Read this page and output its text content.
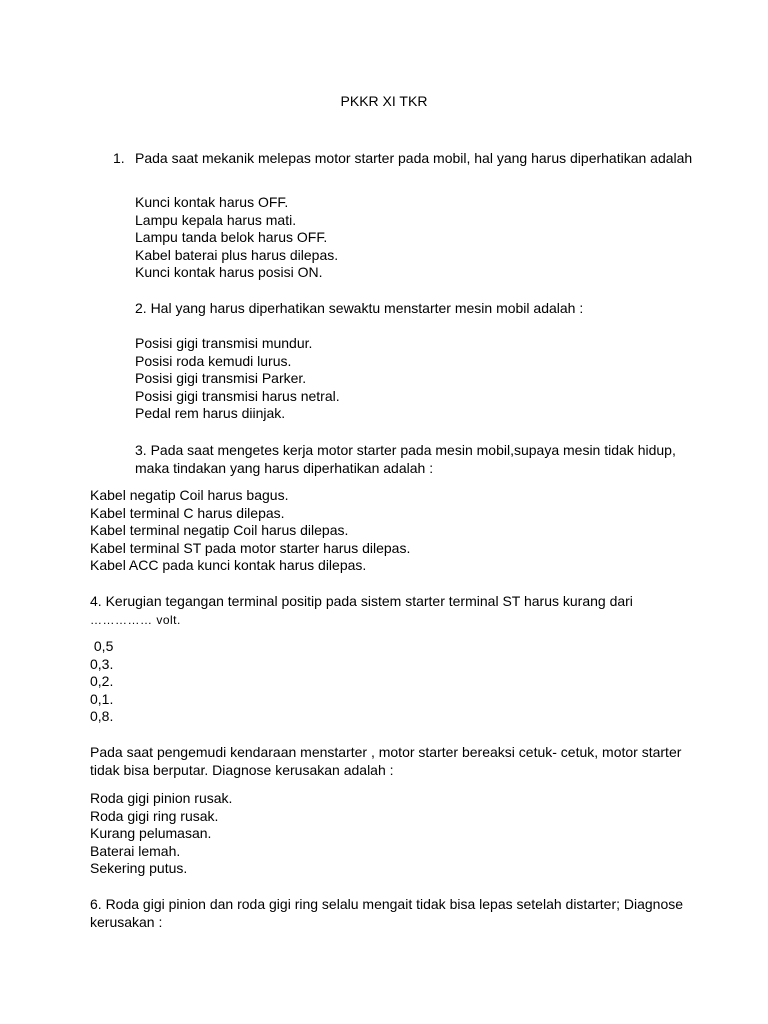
PKKR XI TKR
1. Pada saat mekanik melepas motor starter pada mobil, hal yang harus diperhatikan adalah
Kunci kontak harus OFF.
Lampu kepala harus mati.
Lampu tanda belok harus OFF.
Kabel baterai plus harus dilepas.
Kunci kontak harus posisi ON.
2. Hal yang harus diperhatikan sewaktu menstarter mesin mobil adalah :
Posisi gigi transmisi mundur.
Posisi roda kemudi lurus.
Posisi gigi transmisi Parker.
Posisi gigi transmisi harus netral.
Pedal rem harus diinjak.
3. Pada saat mengetes kerja motor starter pada mesin mobil,supaya mesin tidak hidup,
maka tindakan yang harus diperhatikan adalah :
Kabel negatip Coil harus bagus.
Kabel terminal C harus dilepas.
Kabel terminal negatip Coil harus dilepas.
Kabel terminal ST pada motor starter harus dilepas.
Kabel ACC pada kunci kontak harus dilepas.
4. Kerugian tegangan terminal positip pada sistem starter terminal ST harus kurang dari
…………… volt.
0,5
0,3.
0,2.
0,1.
0,8.
Pada saat pengemudi kendaraan menstarter , motor starter bereaksi cetuk- cetuk, motor starter
tidak bisa berputar. Diagnose kerusakan adalah :
Roda gigi pinion rusak.
Roda gigi ring rusak.
Kurang pelumasan.
Baterai lemah.
Sekering putus.
6. Roda gigi pinion dan roda gigi ring selalu mengait tidak bisa lepas setelah distarter; Diagnose
kerusakan :
